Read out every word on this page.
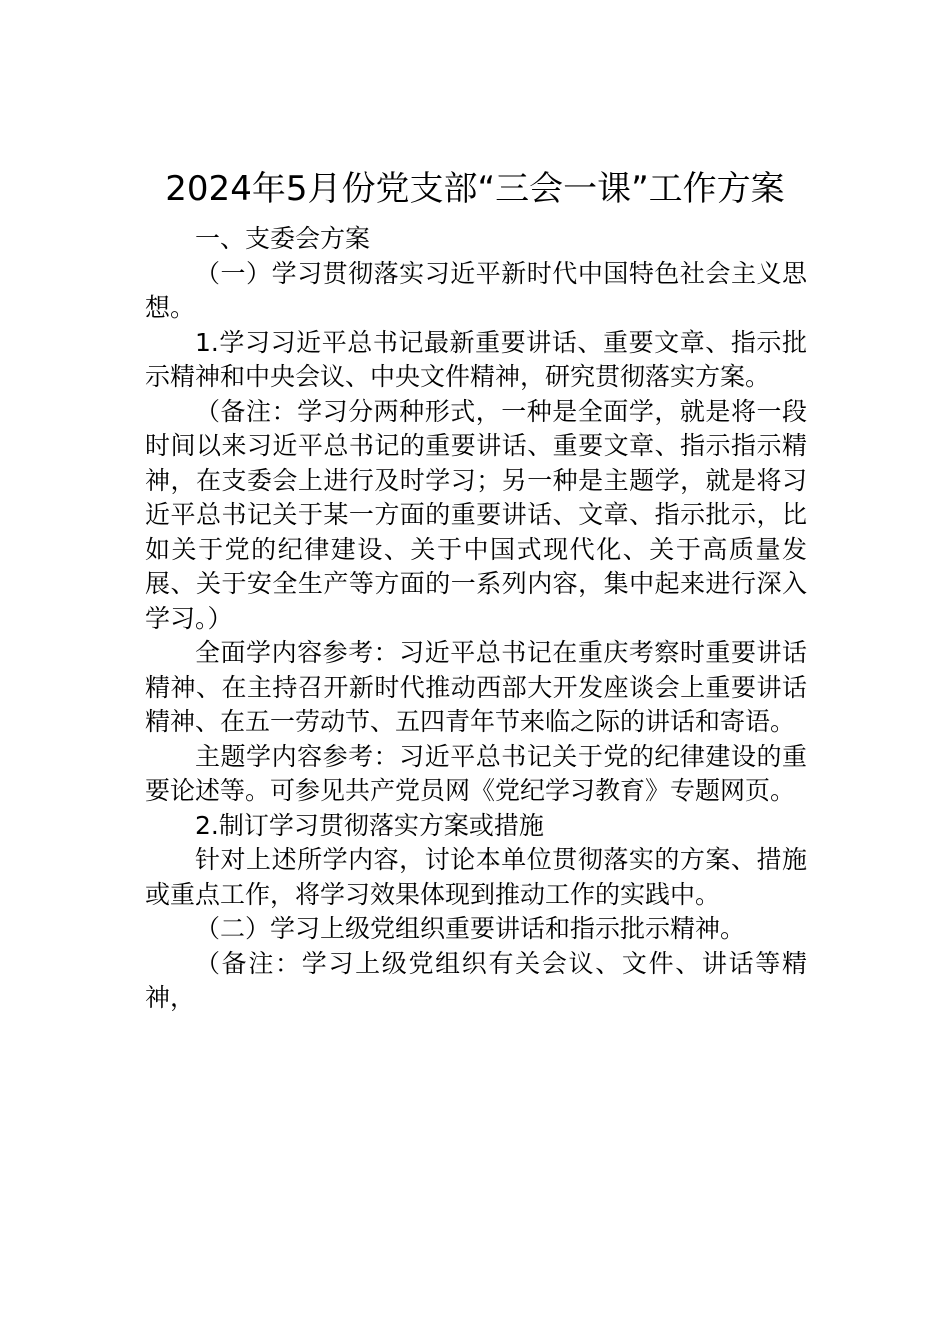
2024年5月份党支部“三会一课”工作方案

一、支委会方案

（一）学习贯彻落实习近平新时代中国特色社会主义思想。

1.学习习近平总书记最新重要讲话、重要文章、指示批示精神和中央会议、中央文件精神，研究贯彻落实方案。

（备注：学习分两种形式，一种是全面学，就是将一段时间以来习近平总书记的重要讲话、重要文章、指示指示精神，在支委会上进行及时学习；另一种是主题学，就是将习近平总书记关于某一方面的重要讲话、文章、指示批示，比如关于党的纪律建设、关于中国式现代化、关于高质量发展、关于安全生产等方面的一系列内容，集中起来进行深入学习。）

全面学内容参考：习近平总书记在重庆考察时重要讲话精神、在主持召开新时代推动西部大开发座谈会上重要讲话精神、在五一劳动节、五四青年节来临之际的讲话和寄语。

主题学内容参考：习近平总书记关于党的纪律建设的重要论述等。可参见共产党员网《党纪学习教育》专题网页。

2.制订学习贯彻落实方案或措施

针对上述所学内容，讨论本单位贯彻落实的方案、措施或重点工作，将学习效果体现到推动工作的实践中。

（二）学习上级党组织重要讲话和指示批示精神。

（备注：学习上级党组织有关会议、文件、讲话等精神，
